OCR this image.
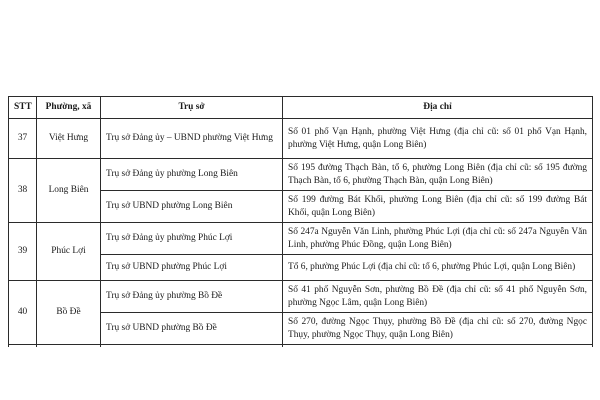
STT	Phường, xã	Trụ sở	Địa chỉ
37	Việt Hưng	Trụ sở Đảng ủy – UBND phường Việt Hưng	Số 01 phố Vạn Hạnh, phường Việt Hưng (địa chỉ cũ: số 01 phố Vạn Hạnh, phường Việt Hưng, quận Long Biên)
38	Long Biên	Trụ sở Đảng ủy phường Long Biên	Số 195 đường Thạch Bàn, tổ 6, phường Long Biên (địa chỉ cũ: số 195 đường Thạch Bàn, tổ 6, phường Thạch Bàn, quận Long Biên)
		Trụ sở UBND phường Long Biên	Số 199 đường Bát Khối, phường Long Biên (địa chỉ cũ: số 199 đường Bát Khối, quận Long Biên)
39	Phúc Lợi	Trụ sở Đảng ủy phường Phúc Lợi	Số 247a Nguyễn Văn Linh, phường Phúc Lợi (địa chỉ cũ: số 247a Nguyễn Văn Linh, phường Phúc Đồng, quận Long Biên)
		Trụ sở UBND phường Phúc Lợi	Tổ 6, phường Phúc Lợi (địa chỉ cũ: tổ 6, phường Phúc Lợi, quận Long Biên)
40	Bồ Đề	Trụ sở Đảng ủy phường Bồ Đề	Số 41 phố Nguyễn Sơn, phường Bồ Đề (địa chỉ cũ: số 41 phố Nguyễn Sơn, phường Ngọc Lâm, quận Long Biên)
		Trụ sở UBND phường Bồ Đề	Số 270, đường Ngọc Thụy, phường Bồ Đề (địa chỉ cũ: số 270, đường Ngọc Thụy, phường Ngọc Thụy, quận Long Biên)
